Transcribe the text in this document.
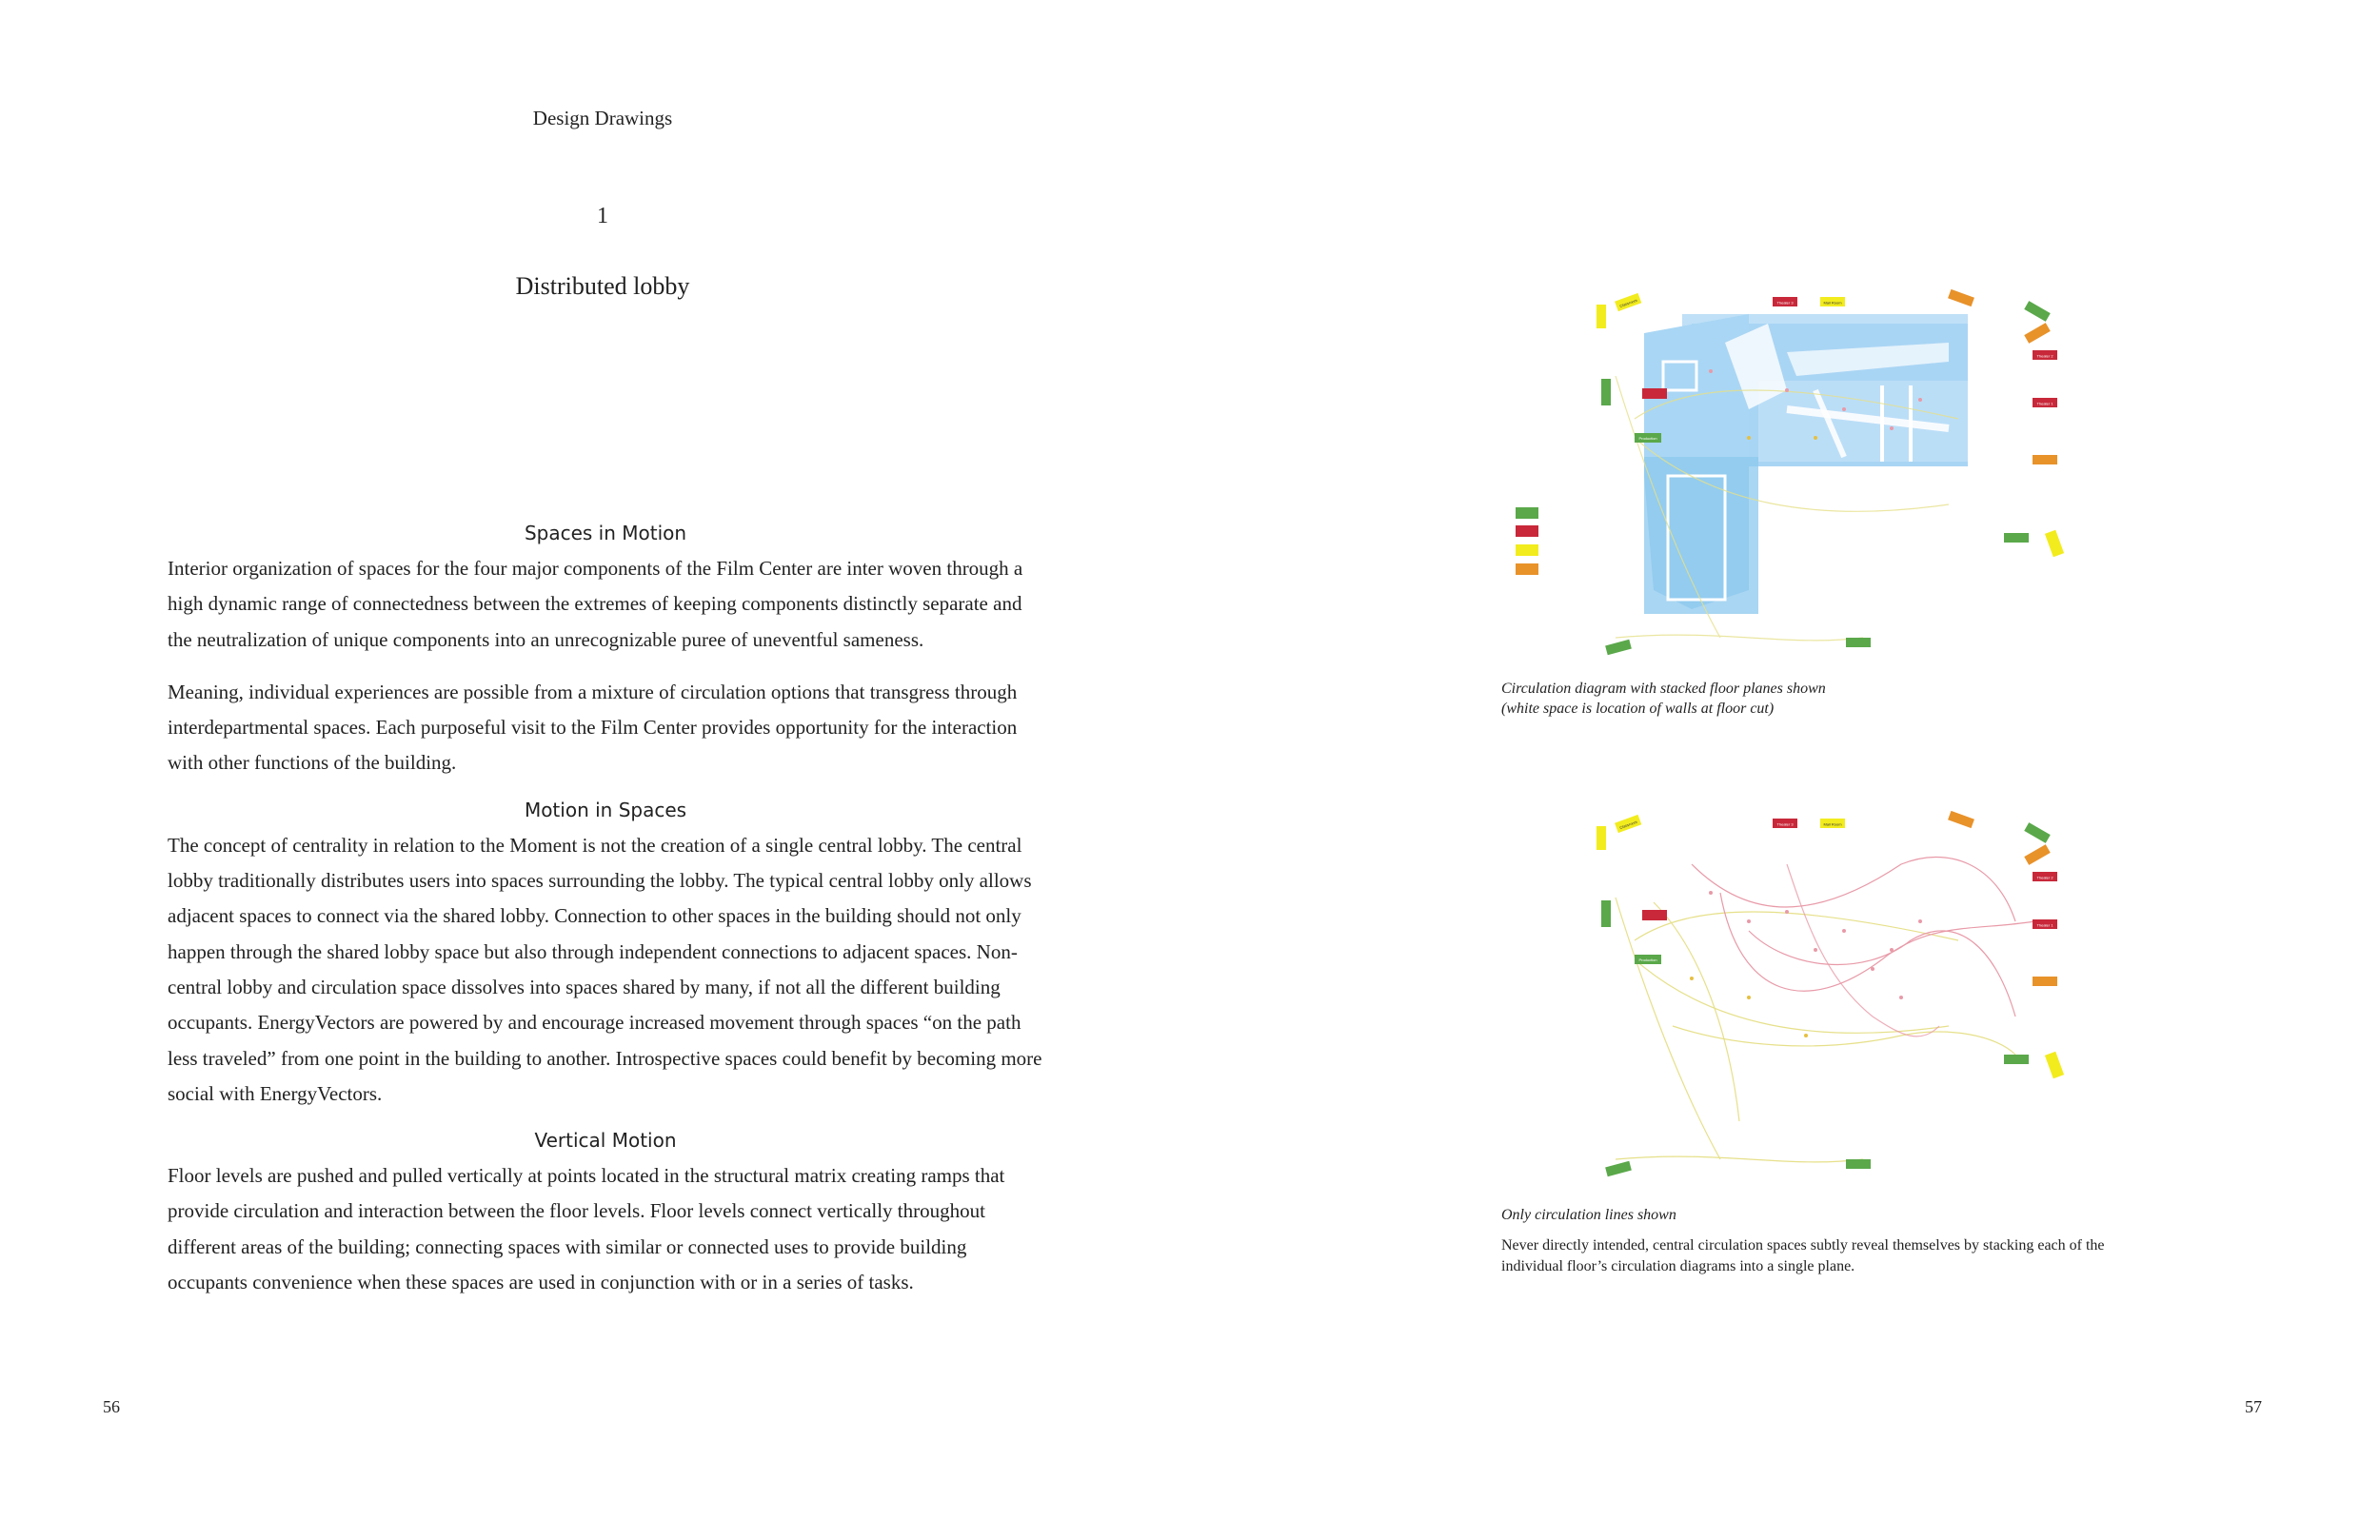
Design Drawings
1
Distributed lobby
Spaces in Motion

Interior organization of spaces for the four major components of the Film Center are inter woven through a high dynamic range of connectedness between the extremes of keeping components distinctly separate and the neutralization of unique components into an unrecognizable puree of uneventful sameness.

Meaning, individual experiences are possible from a mixture of circulation options that transgress through interdepartmental spaces. Each purposeful visit to the Film Center provides opportunity for the interaction with other functions of the building.

Motion in Spaces

The concept of centrality in relation to the Moment is not the creation of a single central lobby. The central lobby traditionally distributes users into spaces surrounding the lobby. The typical central lobby only allows adjacent spaces to connect via the shared lobby. Connection to other spaces in the building should not only happen through the shared lobby space but also through independent connections to adjacent spaces. Non-central lobby and circulation space dissolves into spaces shared by many, if not all the different building occupants. EnergyVectors are powered by and encourage increased movement through spaces “on the path less traveled” from one point in the building to another. Introspective spaces could benefit by becoming more social with EnergyVectors.

Vertical Motion

Floor levels are pushed and pulled vertically at points located in the structural matrix creating ramps that provide circulation and interaction between the floor levels. Floor levels connect vertically throughout different areas of the building; connecting spaces with similar or connected uses to provide building occupants convenience when these spaces are used in conjunction with or in a series of tasks.

56
Theater 3	Mail Room
Classroom
Theater 2
Theater 1
Production
Circulation diagram with stacked floor planes shown
(white space is location of walls at floor cut)
Theater 3	Mail Room
Classroom
Theater 2
Theater 1
Production
Only circulation lines shown
Never directly intended, central circulation spaces subtly reveal themselves by stacking each of the individual floor’s circulation diagrams into a single plane.
57
